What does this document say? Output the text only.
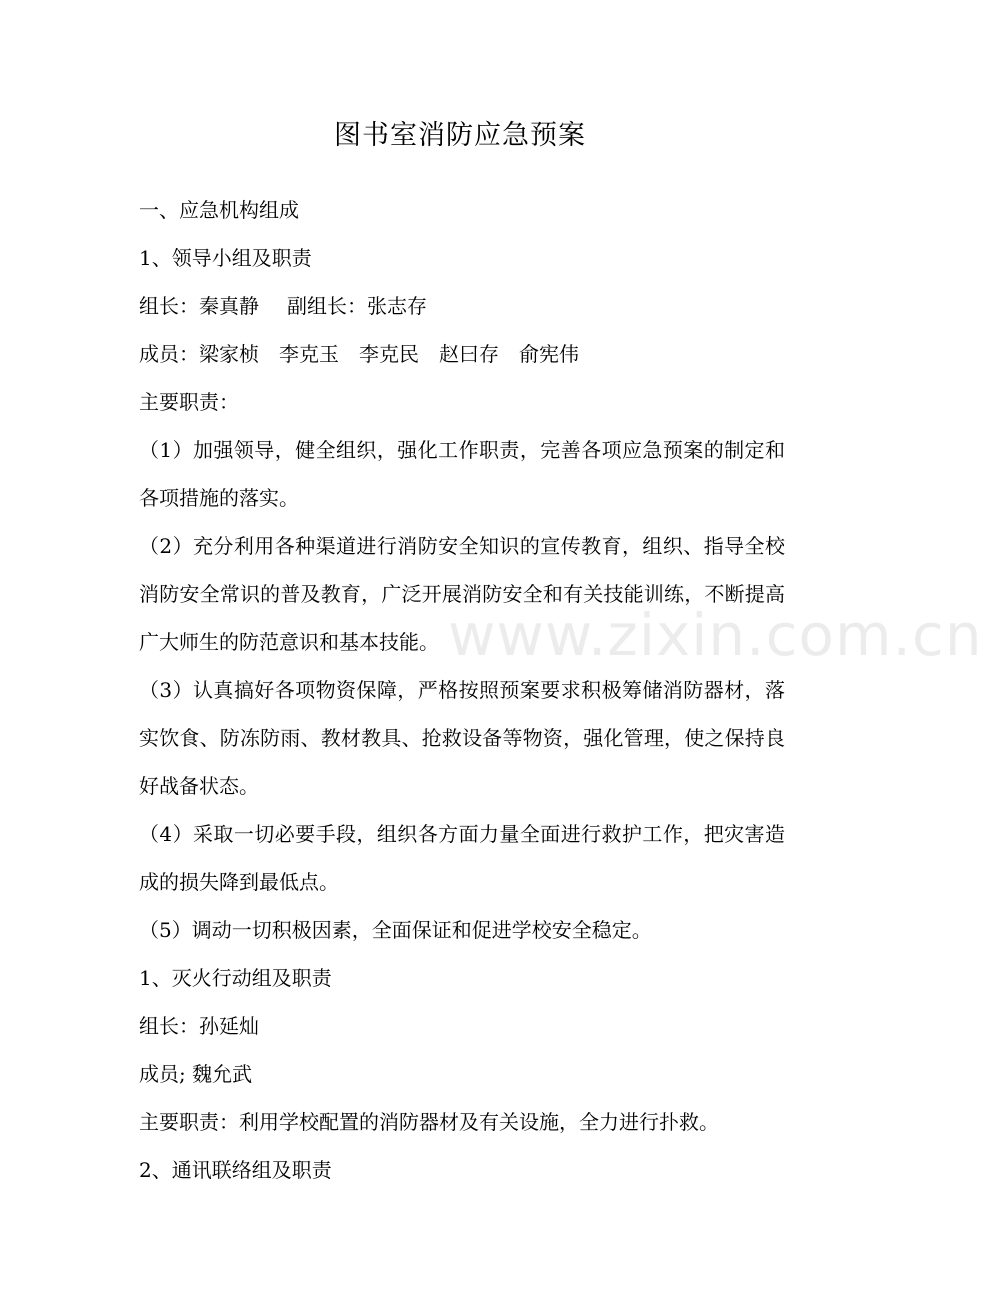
图书室消防应急预案
一、应急机构组成
1、领导小组及职责
组长：秦真静 副组长：张志存
成员：梁家桢 李克玉 李克民 赵曰存 俞宪伟
主要职责：
（1）加强领导，健全组织，强化工作职责，完善各项应急预案的制定和各项措施的落实。
（2）充分利用各种渠道进行消防安全知识的宣传教育，组织、指导全校消防安全常识的普及教育，广泛开展消防安全和有关技能训练，不断提高广大师生的防范意识和基本技能。
（3）认真搞好各项物资保障，严格按照预案要求积极筹储消防器材，落实饮食、防冻防雨、教材教具、抢救设备等物资，强化管理，使之保持良好战备状态。
（4）采取一切必要手段，组织各方面力量全面进行救护工作，把灾害造成的损失降到最低点。
（5）调动一切积极因素，全面保证和促进学校安全稳定。
1、灭火行动组及职责
组长：孙延灿
成员; 魏允武
主要职责：利用学校配置的消防器材及有关设施，全力进行扑救。
2、通讯联络组及职责
www.zixin.com.cn
